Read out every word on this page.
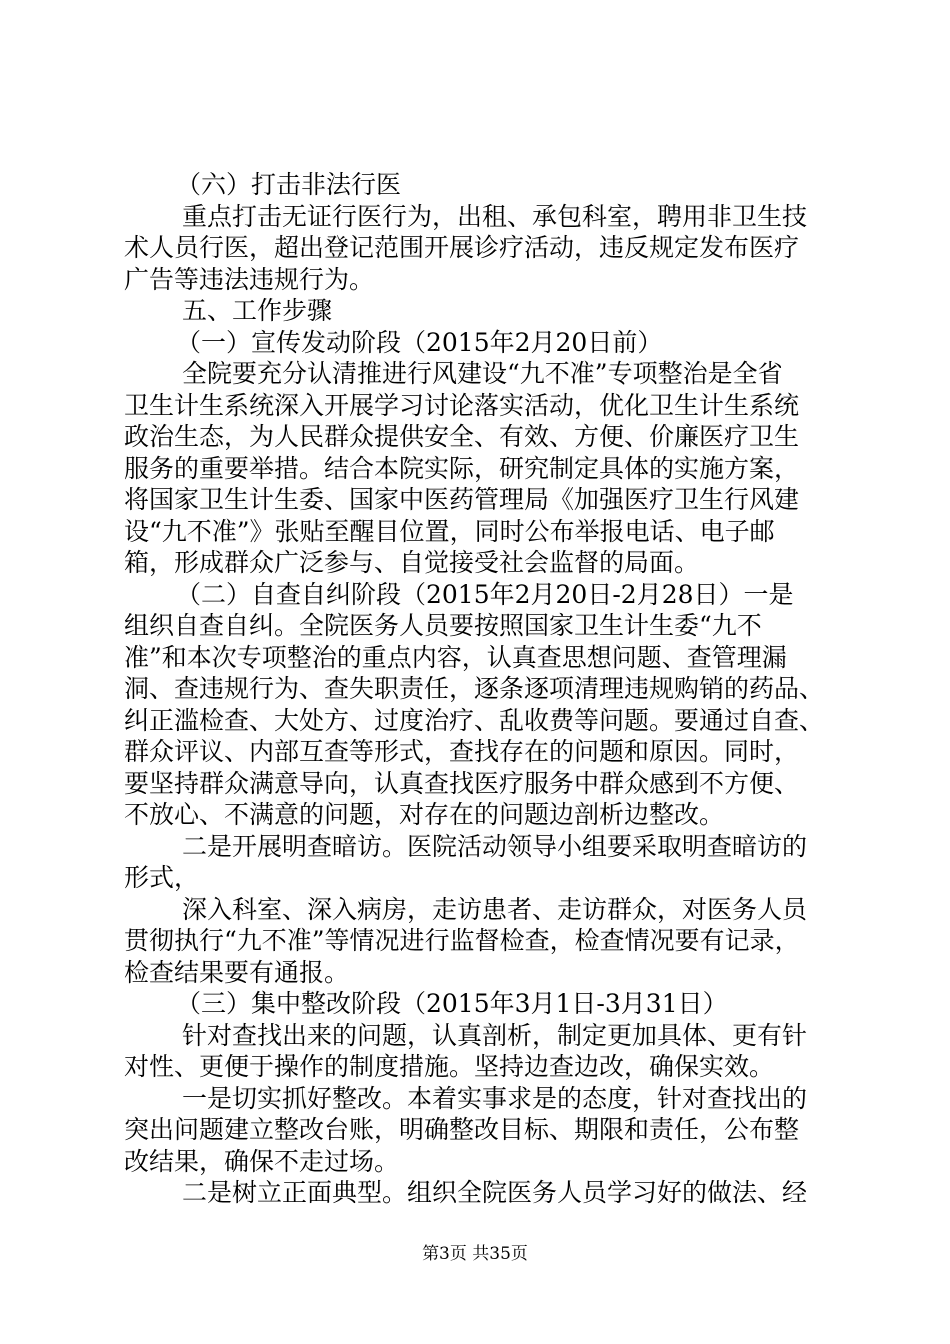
（六）打击非法行医
重点打击无证行医行为，出租、承包科室，聘用非卫生技
术人员行医，超出登记范围开展诊疗活动，违反规定发布医疗
广告等违法违规行为。
五、工作步骤
（一）宣传发动阶段（2015年2月20日前）
全院要充分认清推进行风建设“九不准”专项整治是全省
卫生计生系统深入开展学习讨论落实活动，优化卫生计生系统
政治生态，为人民群众提供安全、有效、方便、价廉医疗卫生
服务的重要举措。结合本院实际，研究制定具体的实施方案，
将国家卫生计生委、国家中医药管理局《加强医疗卫生行风建
设“九不准”》张贴至醒目位置，同时公布举报电话、电子邮
箱，形成群众广泛参与、自觉接受社会监督的局面。
（二）自查自纠阶段（2015年2月20日-2月28日）一是
组织自查自纠。全院医务人员要按照国家卫生计生委“九不
准”和本次专项整治的重点内容，认真查思想问题、查管理漏
洞、查违规行为、查失职责任，逐条逐项清理违规购销的药品、
纠正滥检查、大处方、过度治疗、乱收费等问题。要通过自查、
群众评议、内部互查等形式，查找存在的问题和原因。同时，
要坚持群众满意导向，认真查找医疗服务中群众感到不方便、
不放心、不满意的问题，对存在的问题边剖析边整改。
二是开展明查暗访。医院活动领导小组要采取明查暗访的
形式，
深入科室、深入病房，走访患者、走访群众，对医务人员
贯彻执行“九不准”等情况进行监督检查，检查情况要有记录，
检查结果要有通报。
（三）集中整改阶段（2015年3月1日-3月31日）
针对查找出来的问题，认真剖析，制定更加具体、更有针
对性、更便于操作的制度措施。坚持边查边改，确保实效。
一是切实抓好整改。本着实事求是的态度，针对查找出的
突出问题建立整改台账，明确整改目标、期限和责任，公布整
改结果，确保不走过场。
二是树立正面典型。组织全院医务人员学习好的做法、经
第3页 共35页
